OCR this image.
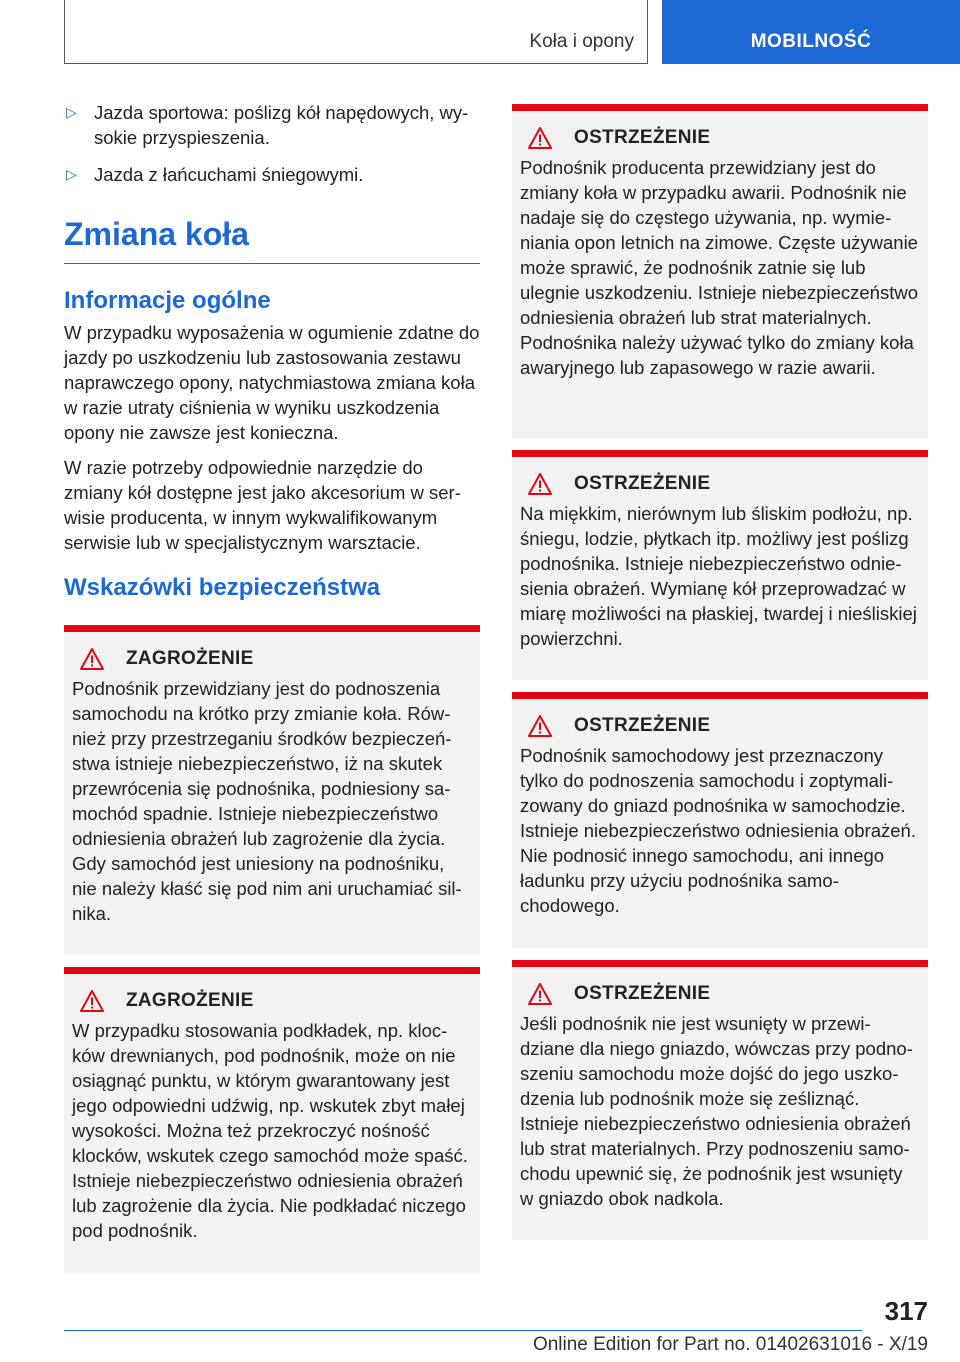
Koła i opony	MOBILNOŚĆ
▷ Jazda sportowa: poślizg kół napędowych, wysokie przyspieszenia.
▷ Jazda z łańcuchami śniegowymi.
Zmiana koła
Informacje ogólne

W przypadku wyposażenia w ogumienie zdatne do jazdy po uszkodzeniu lub zastosowania zestawu naprawczego opony, natychmiastowa zmiana koła w razie utraty ciśnienia w wyniku uszkodzenia opony nie zawsze jest konieczna.

W razie potrzeby odpowiednie narzędzie do zmiany kół dostępne jest jako akcesorium w serwisie producenta, w innym wykwalifikowanym serwisie lub w specjalistycznym warsztacie.

Wskazówki bezpieczeństwa
ZAGROŻENIE
Podnośnik przewidziany jest do podnoszenia samochodu na krótko przy zmianie koła. Również przy przestrzeganiu środków bezpieczeństwa istnieje niebezpieczeństwo, iż na skutek przewrócenia się podnośnika, podniesiony samochód spadnie. Istnieje niebezpieczeństwo odniesienia obrażeń lub zagrożenie dla życia. Gdy samochód jest uniesiony na podnośniku, nie należy kłaść się pod nim ani uruchamiać silnika.
ZAGROŻENIE
W przypadku stosowania podkładek, np. klocków drewnianych, pod podnośnik, może on nie osiągnąć punktu, w którym gwarantowany jest jego odpowiedni udźwig, np. wskutek zbyt małej wysokości. Można też przekroczyć nośność klocków, wskutek czego samochód może spaść. Istnieje niebezpieczeństwo odniesienia obrażeń lub zagrożenie dla życia. Nie podkładać niczego pod podnośnik.
OSTRZEŻENIE
Podnośnik producenta przewidziany jest do zmiany koła w przypadku awarii. Podnośnik nie nadaje się do częstego używania, np. wymieniania opon letnich na zimowe. Częste używanie może sprawić, że podnośnik zatnie się lub ulegnie uszkodzeniu. Istnieje niebezpieczeństwo odniesienia obrażeń lub strat materialnych. Podnośnika należy używać tylko do zmiany koła awaryjnego lub zapasowego w razie awarii.
OSTRZEŻENIE
Na miękkim, nierównym lub śliskim podłożu, np. śniegu, lodzie, płytkach itp. możliwy jest poślizg podnośnika. Istnieje niebezpieczeństwo odniesienia obrażeń. Wymianę kół przeprowadzać w miarę możliwości na płaskiej, twardej i nieśliskiej powierzchni.
OSTRZEŻENIE
Podnośnik samochodowy jest przeznaczony tylko do podnoszenia samochodu i zoptymalizowany do gniazd podnośnika w samochodzie. Istnieje niebezpieczeństwo odniesienia obrażeń. Nie podnosić innego samochodu, ani innego ładunku przy użyciu podnośnika samochodowego.
OSTRZEŻENIE
Jeśli podnośnik nie jest wsunięty w przewidziane dla niego gniazdo, wówczas przy podnoszeniu samochodu może dojść do jego uszkodzenia lub podnośnik może się ześliznąć. Istnieje niebezpieczeństwo odniesienia obrażeń lub strat materialnych. Przy podnoszeniu samochodu upewnić się, że podnośnik jest wsunięty w gniazdo obok nadkola.
317
Online Edition for Part no. 01402631016 - X/19
